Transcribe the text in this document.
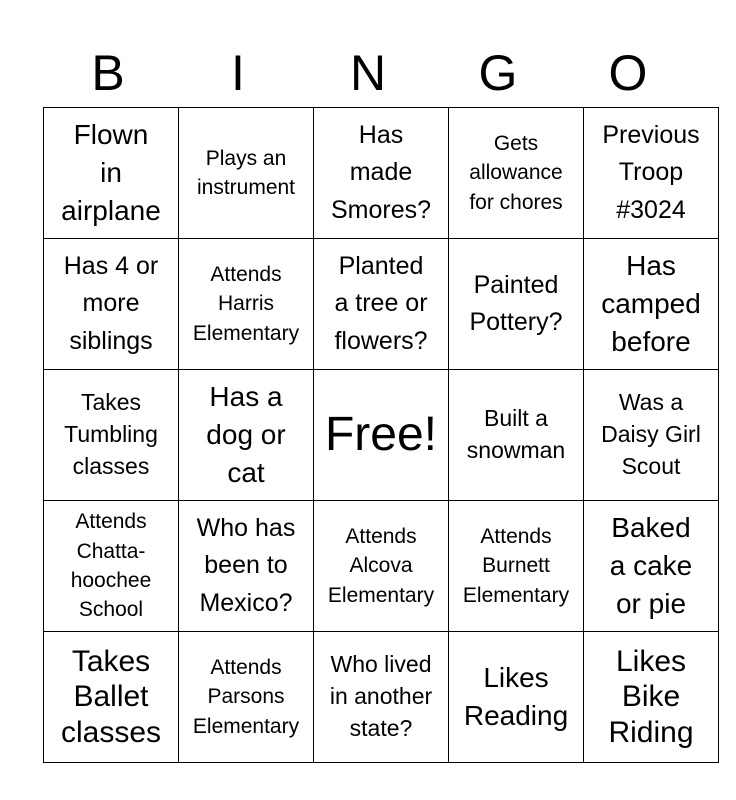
B	I	N	G	O
Flown
in
airplane	Plays an
instrument	Has
made
Smores?	Gets
allowance
for chores	Previous
Troop
#3024

Has 4 or
more
siblings	Attends
Harris
Elementary	Planted
a tree or
flowers?	Painted
Pottery?	Has
camped
before

Takes
Tumbling
classes	Has a
dog or
cat	Free!	Built a
snowman	Was a
Daisy Girl
Scout

Attends
Chatta-
hoochee
School	Who has
been to
Mexico?	Attends
Alcova
Elementary	Attends
Burnett
Elementary	Baked
a cake
or pie

Takes
Ballet
classes	Attends
Parsons
Elementary	Who lived
in another
state?	Likes
Reading	Likes
Bike
Riding
